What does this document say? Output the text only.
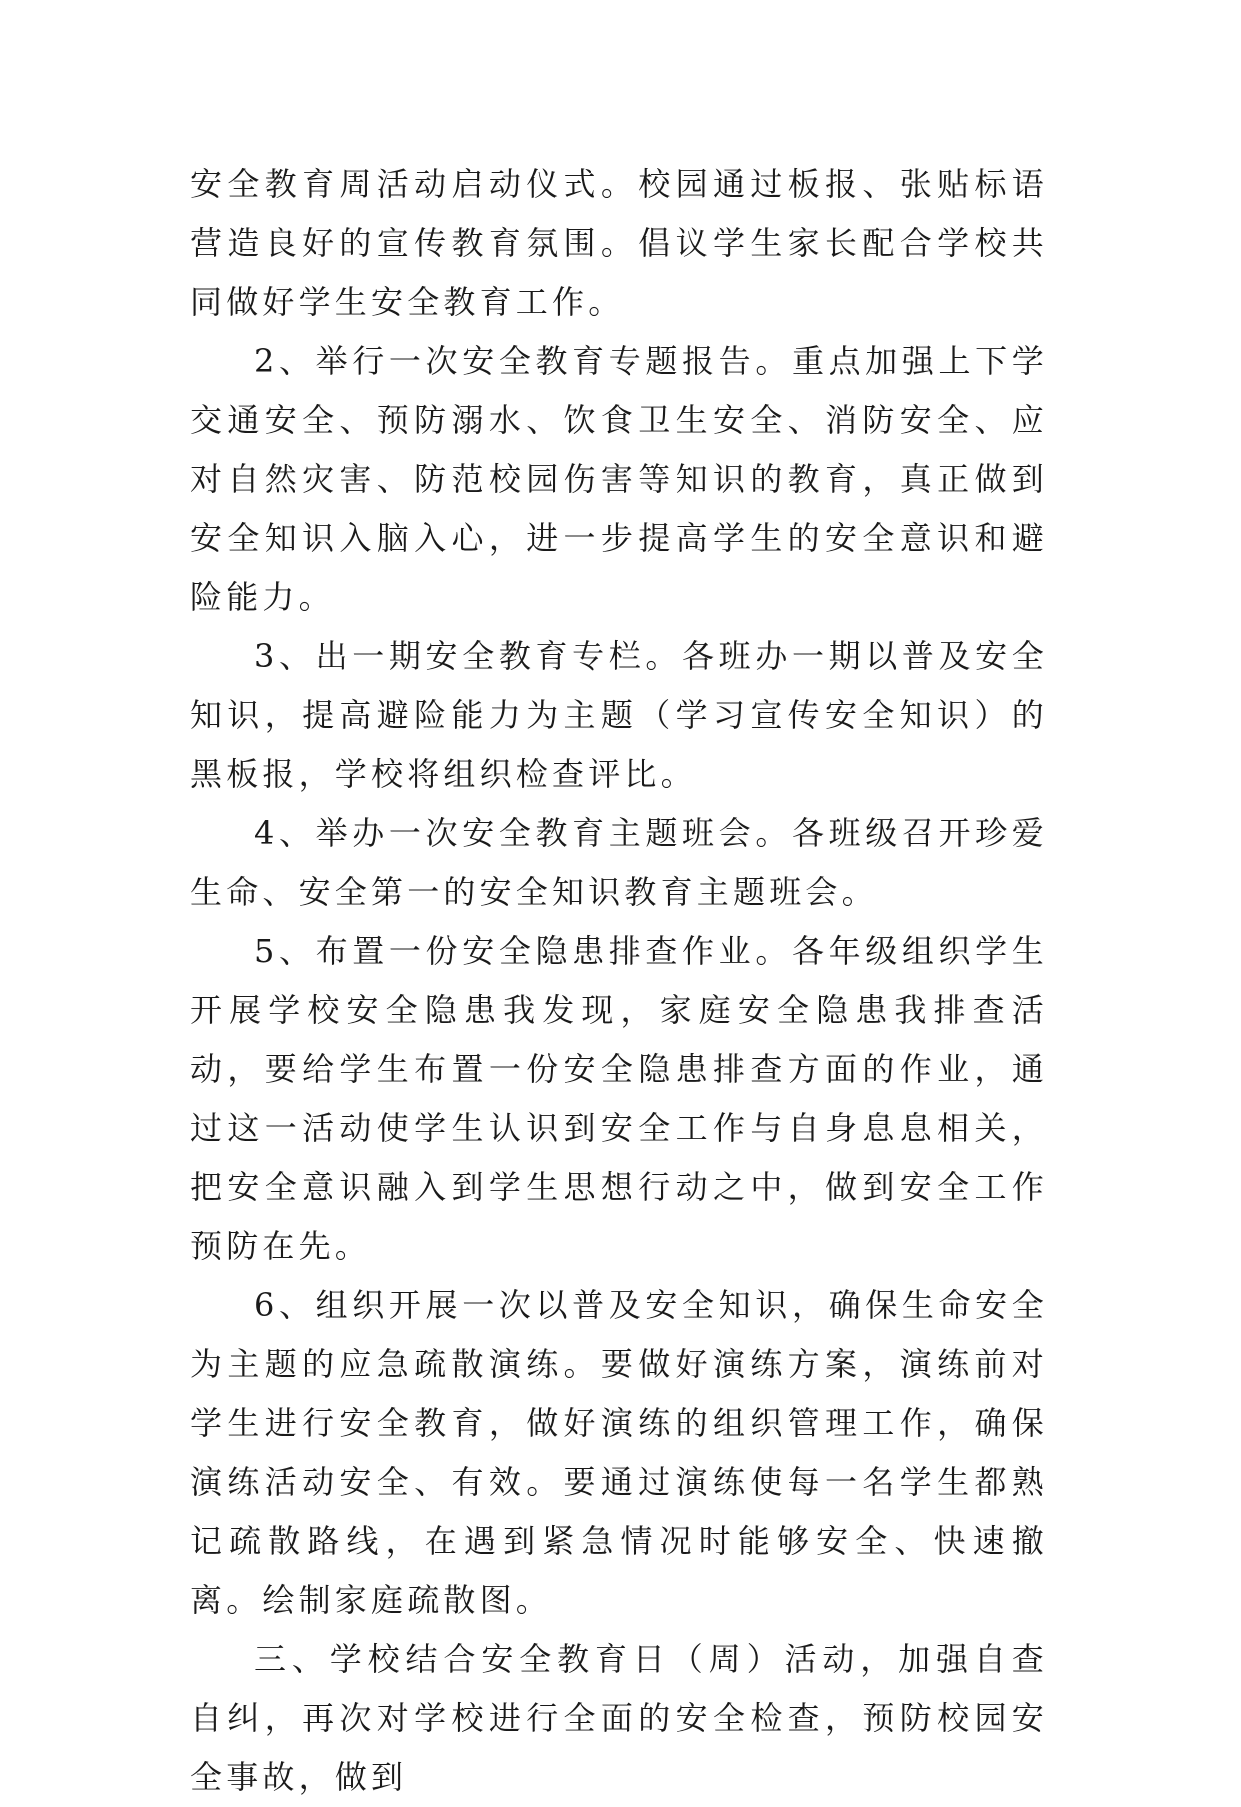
安全教育周活动启动仪式。校园通过板报、张贴标语营造良好的宣传教育氛围。倡议学生家长配合学校共同做好学生安全教育工作。

2、举行一次安全教育专题报告。重点加强上下学交通安全、预防溺水、饮食卫生安全、消防安全、应对自然灾害、防范校园伤害等知识的教育，真正做到安全知识入脑入心，进一步提高学生的安全意识和避险能力。

3、出一期安全教育专栏。各班办一期以普及安全知识，提高避险能力为主题（学习宣传安全知识）的黑板报，学校将组织检查评比。

4、举办一次安全教育主题班会。各班级召开珍爱生命、安全第一的安全知识教育主题班会。

5、布置一份安全隐患排查作业。各年级组织学生开展学校安全隐患我发现，家庭安全隐患我排查活动，要给学生布置一份安全隐患排查方面的作业，通过这一活动使学生认识到安全工作与自身息息相关，把安全意识融入到学生思想行动之中，做到安全工作预防在先。

6、组织开展一次以普及安全知识，确保生命安全为主题的应急疏散演练。要做好演练方案，演练前对学生进行安全教育，做好演练的组织管理工作，确保演练活动安全、有效。要通过演练使每一名学生都熟记疏散路线，在遇到紧急情况时能够安全、快速撤离。绘制家庭疏散图。

三、学校结合安全教育日（周）活动，加强自查自纠，再次对学校进行全面的安全检查，预防校园安全事故，做到
